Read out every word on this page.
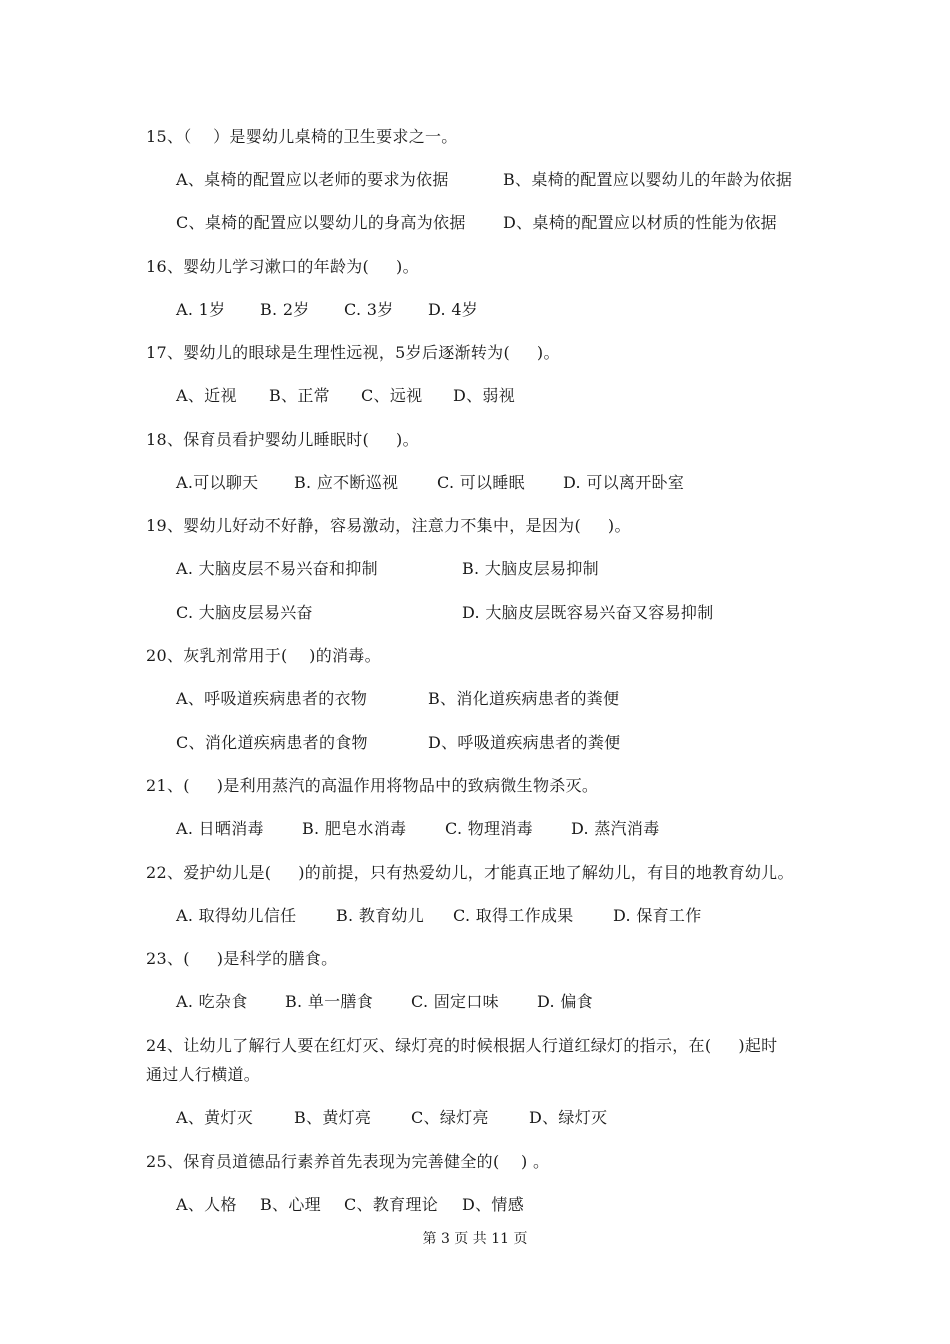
15、（    ）是婴幼儿桌椅的卫生要求之一。
A、桌椅的配置应以老师的要求为依据	B、桌椅的配置应以婴幼儿的年龄为依据
C、桌椅的配置应以婴幼儿的身高为依据 D、桌椅的配置应以材质的性能为依据
16、婴幼儿学习漱口的年龄为(     )。
A. 1岁 B. 2岁 C. 3岁 D. 4岁
17、婴幼儿的眼球是生理性远视，5岁后逐渐转为(     )。
A、近视 B、正常 C、远视 D、弱视
18、保育员看护婴幼儿睡眠时(     )。
A.可以聊天 B. 应不断巡视 C. 可以睡眠 D. 可以离开卧室
19、婴幼儿好动不好静，容易激动，注意力不集中，是因为(     )。
A. 大脑皮层不易兴奋和抑制	B. 大脑皮层易抑制
C. 大脑皮层易兴奋	D. 大脑皮层既容易兴奋又容易抑制
20、灰乳剂常用于(    )的消毒。
A、呼吸道疾病患者的衣物	B、消化道疾病患者的粪便
C、消化道疾病患者的食物	D、呼吸道疾病患者的粪便
21、(     )是利用蒸汽的高温作用将物品中的致病微生物杀灭。
A. 日晒消毒 B. 肥皂水消毒 C. 物理消毒 D. 蒸汽消毒
22、爱护幼儿是(     )的前提，只有热爱幼儿，才能真正地了解幼儿，有目的地教育幼儿。
A. 取得幼儿信任 B. 教育幼儿 C. 取得工作成果 D. 保育工作
23、(     )是科学的膳食。
A. 吃杂食 B. 单一膳食 C. 固定口味 D. 偏食
24、让幼儿了解行人要在红灯灭、绿灯亮的时候根据人行道红绿灯的指示，在(     )起时
通过人行横道。
A、黄灯灭	B、黄灯亮 C、绿灯亮	D、绿灯灭
25、保育员道德品行素养首先表现为完善健全的(    ) 。
A、人格 B、心理 C、教育理论 D、情感
第 3 页 共 11 页
